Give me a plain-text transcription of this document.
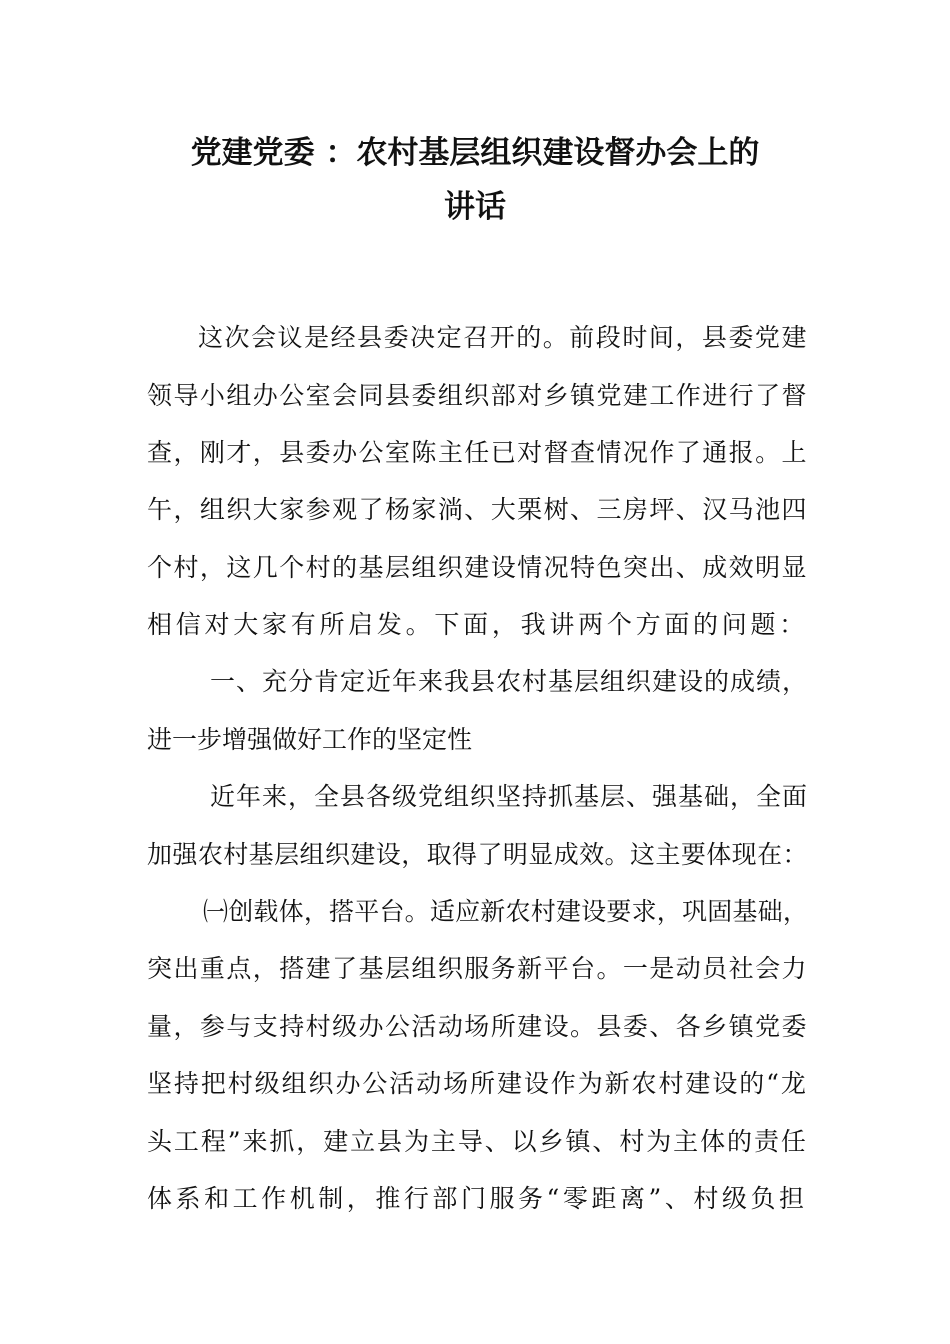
党建党委 ：农村基层组织建设督办会上的
讲话
这次会议是经县委决定召开的。前段时间，县委党建
领导小组办公室会同县委组织部对乡镇党建工作进行了督
查，刚才，县委办公室陈主任已对督查情况作了通报。上
午，组织大家参观了杨家淌、大栗树、三房坪、汉马池四
个村，这几个村的基层组织建设情况特色突出、成效明显
相信对大家有所启发。下面，我讲两个方面的问题：
一、充分肯定近年来我县农村基层组织建设的成绩，
进一步增强做好工作的坚定性
近年来，全县各级党组织坚持抓基层、强基础，全面
加强农村基层组织建设，取得了明显成效。这主要体现在：
㈠创载体，搭平台。适应新农村建设要求，巩固基础，
突出重点，搭建了基层组织服务新平台。一是动员社会力
量，参与支持村级办公活动场所建设。县委、各乡镇党委
坚持把村级组织办公活动场所建设作为新农村建设的“龙
头工程”来抓，建立县为主导、以乡镇、村为主体的责任
体系和工作机制，推行部门服务“零距离”、村级负担
